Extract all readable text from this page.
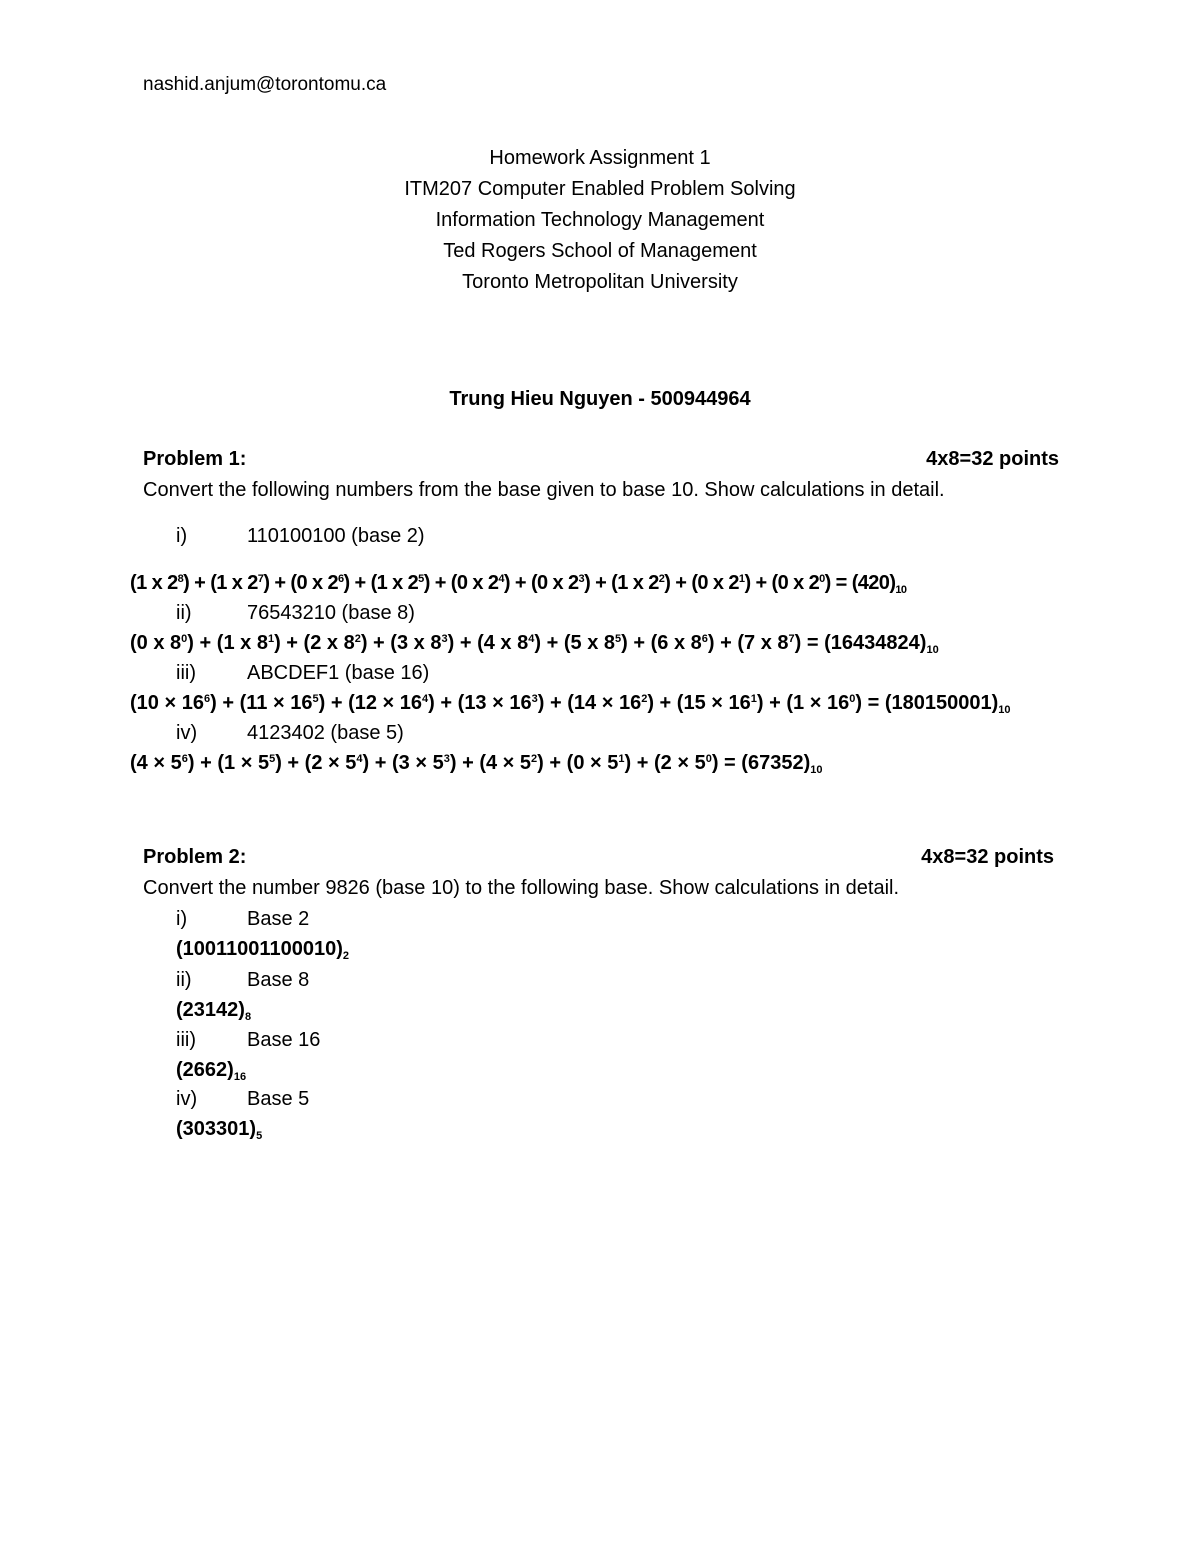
nashid.anjum@torontomu.ca
Homework Assignment 1
ITM207 Computer Enabled Problem Solving
Information Technology Management
Ted Rogers School of Management
Toronto Metropolitan University
Trung Hieu Nguyen - 500944964
Problem 1:	4x8=32 points
Convert the following numbers from the base given to base 10. Show calculations in detail.
i)	110100100 (base 2)
(1 x $2^8) + (1$ x $2^7) + (0$ x $2^6) + (1$ x $2^5) + (0$ x $2^4) + (0$ x $2^3) + (1$ x $2^2) + (0$ x $2^1) + (0$ x $2^0) = (420)_{10}$
ii)	76543210 (base 8)
(0 x $8^0) + (1$ x $8^1) + (2$ x $8^2) + (3$ x $8^3) + (4$ x $8^4) + (5$ x $8^5) + (6$ x $8^6) + (7$ x $8^7) = (16434824)_{10}$
iii)	ABCDEF1 (base 16)
$(10 \times 16^6) + (11 \times 16^5) + (12 \times 16^4) + (13 \times 16^3) + (14 \times 16^2) + (15 \times 16^1) + (1 \times 16^0) = (180150001)_{10}$
iv) 4123402 (base 5)
$(4 \times 5^6) + (1 \times 5^5) + (2 \times 5^4) + (3 \times 5^3) + (4 \times 5^2) + (0 \times 5^1) + (2 \times 5^0) = (67352)_{10}$
Problem 2:	4x8=32 points
Convert the number 9826 (base 10) to the following base. Show calculations in detail.
i)	Base 2
$(10011001100010)_2$
ii)	Base 8
$(23142)_8$
iii)	Base 16
$(2662)_{16}$
iv) Base 5
$(303301)_5$
